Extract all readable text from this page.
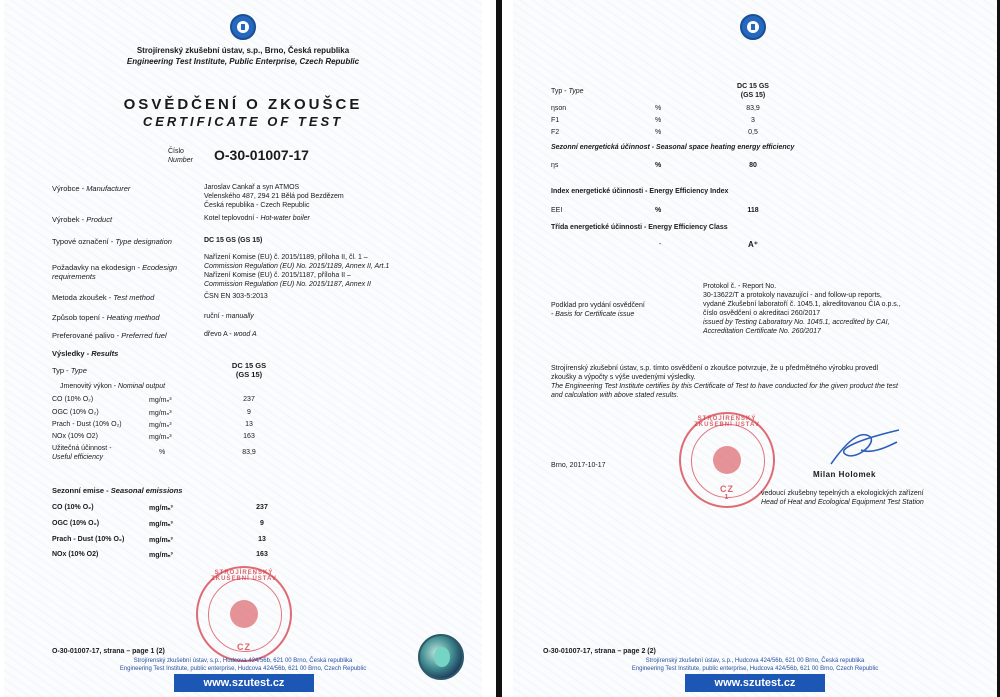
Strojírenský zkušební ústav, s.p., Brno, Česká republika
Engineering Test Institute, Public Enterprise, Czech Republic
OSVĚDČENÍ O ZKOUŠCE
CERTIFICATE OF TEST
Číslo
Number O-30-01007-17
Výrobce - Manufacturer	Jaroslav Cankař a syn ATMOS
Velenského 487, 294 21 Bělá pod Bezdězem
Česká republika - Czech Republic
Výrobek - Product	Kotel teplovodní - Hot-water boiler
Typové označení - Type designation	DC 15 GS (GS 15)
Požadavky na ekodesign - Ecodesign
requirements
Nařízení Komise (EU) č. 2015/1189, příloha II, čl. 1 –
Commission Regulation (EU) No. 2015/1189, Annex II, Art.1
Nařízení Komise (EU) č. 2015/1187, příloha II –
Commission Regulation (EU) No. 2015/1187, Annex II
Metoda zkoušek - Test method	ČSN EN 303-5:2013
Způsob topení - Heating method	ruční - manually
Preferované palivo - Preferred fuel	dřevo A - wood A
Výsledky - Results
Typ - Type
DC 15 GS
(GS 15)
Jmenovitý výkon - Nominal output
CO (10% O₂)	mg/mₙ³	237
OGC (10% O₂)	mg/mₙ³	9
Prach - Dust (10% O₂)	mg/mₙ³	13
NOx (10% O2)	mg/mₙ³	163
Užitečná účinnost -
Useful efficiency
%	83,9
Sezonní emise - Seasonal emissions
CO (10% O₂)	mg/mₙ³	237
OGC (10% O₂)	mg/mₙ³	9
Prach - Dust (10% O₂)	mg/mₙ³	13
NOx (10% O2)	mg/mₙ³	163
STROJÍRENSKÝ ZKUŠEBNÍ ÚSTAV
CZ
O-30-01007-17, strana – page 1 (2)
Strojírenský zkušební ústav, s.p., Hudcova 424/56b, 621 00 Brno, Česká republika
Engineering Test Institute, public enterprise, Hudcova 424/56b, 621 00 Brno, Czech Republic
www.szutest.cz
Typ - Type
DC 15 GS
(GS 15)
ηson	%	83,9
F1	%	3
F2	%	0,5
Sezonní energetická účinnost - Seasonal space heating energy efficiency
ηs	%	80
Index energetické účinnosti - Energy Efficiency Index
EEI	%	118
Třída energetické účinnosti - Energy Efficiency Class
-	A⁺
Podklad pro vydání osvědčení
- Basis for Certificate issue
Protokol č. - Report No.
30-13622/T a protokoly navazující - and follow-up reports,
vydané Zkušební laboratoří č. 1045.1, akreditovanou ČIA o.p.s.,
číslo osvědčení o akreditaci 260/2017
issued by Testing Laboratory No. 1045.1, accredited by CAI,
Accreditation Certificate No. 260/2017
Strojírenský zkušební ústav, s.p. tímto osvědčení o zkoušce potvrzuje, že u předmětného výrobku provedl
zkoušky a výpočty s výše uvedenými výsledky.
The Engineering Test Institute certifies by this Certificate of Test to have conducted for the given product the test
and calculation with above stated results.
Brno, 2017-10-17
STROJÍRENSKÝ ZKUŠEBNÍ ÚSTAV
CZ
1
Milan Holomek
vedoucí zkušebny tepelných a ekologických zařízení
Head of Heat and Ecological Equipment Test Station
O-30-01007-17, strana – page 2 (2)
Strojírenský zkušební ústav, s.p., Hudcova 424/56b, 621 00 Brno, Česká republika
Engineering Test Institute, public enterprise, Hudcova 424/56b, 621 00 Brno, Czech Republic
www.szutest.cz
